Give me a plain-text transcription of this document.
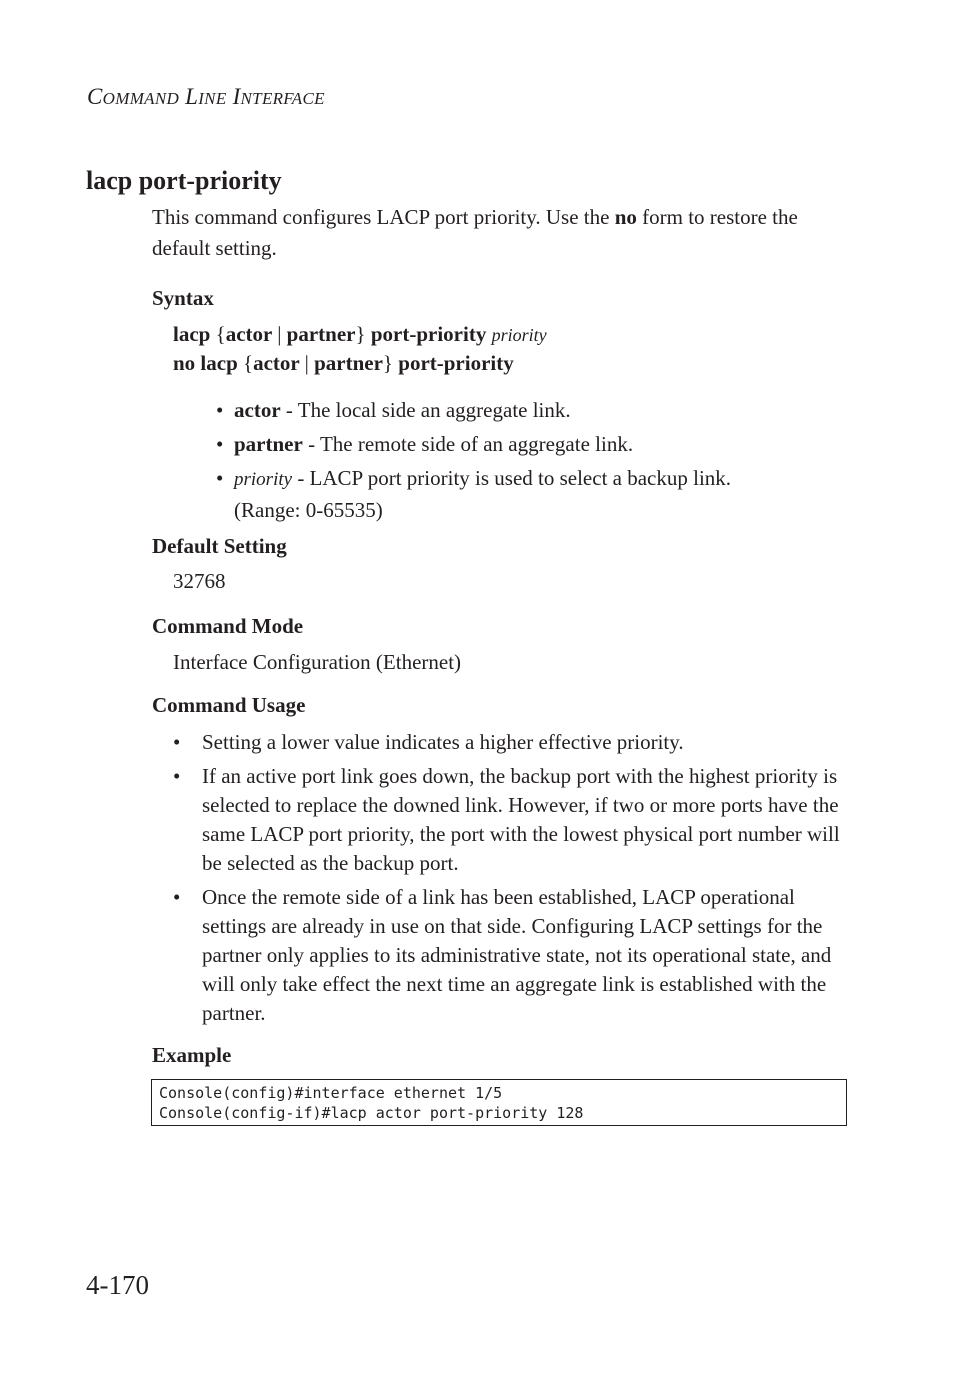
COMMAND LINE INTERFACE
lacp port-priority
This command configures LACP port priority. Use the no form to restore the default setting.
Syntax
lacp {actor | partner} port-priority priority
no lacp {actor | partner} port-priority
• actor - The local side an aggregate link.
• partner - The remote side of an aggregate link.
• priority - LACP port priority is used to select a backup link.
(Range: 0-65535)
Default Setting
32768
Command Mode
Interface Configuration (Ethernet)
Command Usage
• Setting a lower value indicates a higher effective priority.
• If an active port link goes down, the backup port with the highest priority is selected to replace the downed link. However, if two or more ports have the same LACP port priority, the port with the lowest physical port number will be selected as the backup port.
• Once the remote side of a link has been established, LACP operational settings are already in use on that side. Configuring LACP settings for the partner only applies to its administrative state, not its operational state, and will only take effect the next time an aggregate link is established with the partner.
Example
Console(config)#interface ethernet 1/5
Console(config-if)#lacp actor port-priority 128
4-170
